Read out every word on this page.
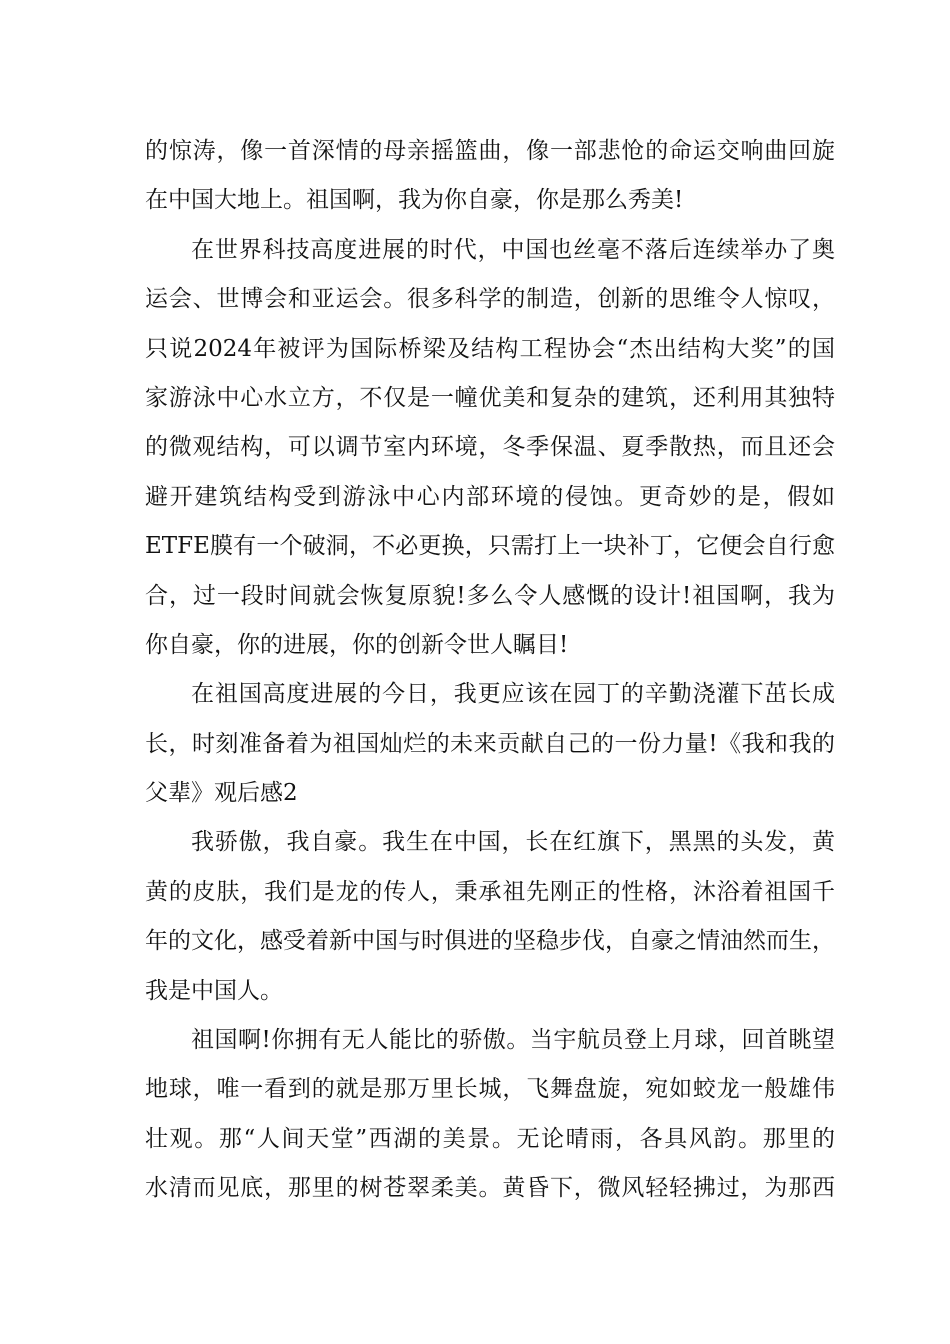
的惊涛，像一首深情的母亲摇篮曲，像一部悲怆的命运交响曲回旋
在中国大地上。祖国啊，我为你自豪，你是那么秀美!
在世界科技高度进展的时代，中国也丝毫不落后连续举办了奥
运会、世博会和亚运会。很多科学的制造，创新的思维令人惊叹，
只说2024年被评为国际桥梁及结构工程协会“杰出结构大奖”的国
家游泳中心水立方，不仅是一幢优美和复杂的建筑，还利用其独特
的微观结构，可以调节室内环境，冬季保温、夏季散热，而且还会
避开建筑结构受到游泳中心内部环境的侵蚀。更奇妙的是，假如
ETFE膜有一个破洞，不必更换，只需打上一块补丁，它便会自行愈
合，过一段时间就会恢复原貌!多么令人感慨的设计!祖国啊，我为
你自豪，你的进展，你的创新令世人瞩目!
在祖国高度进展的今日，我更应该在园丁的辛勤浇灌下茁长成
长，时刻准备着为祖国灿烂的未来贡献自己的一份力量!《我和我的
父辈》观后感2
我骄傲，我自豪。我生在中国，长在红旗下，黑黑的头发，黄
黄的皮肤，我们是龙的传人，秉承祖先刚正的性格，沐浴着祖国千
年的文化，感受着新中国与时俱进的坚稳步伐，自豪之情油然而生，
我是中国人。
祖国啊!你拥有无人能比的骄傲。当宇航员登上月球，回首眺望
地球，唯一看到的就是那万里长城，飞舞盘旋，宛如蛟龙一般雄伟
壮观。那“人间天堂”西湖的美景。无论晴雨，各具风韵。那里的
水清而见底，那里的树苍翠柔美。黄昏下，微风轻轻拂过，为那西
